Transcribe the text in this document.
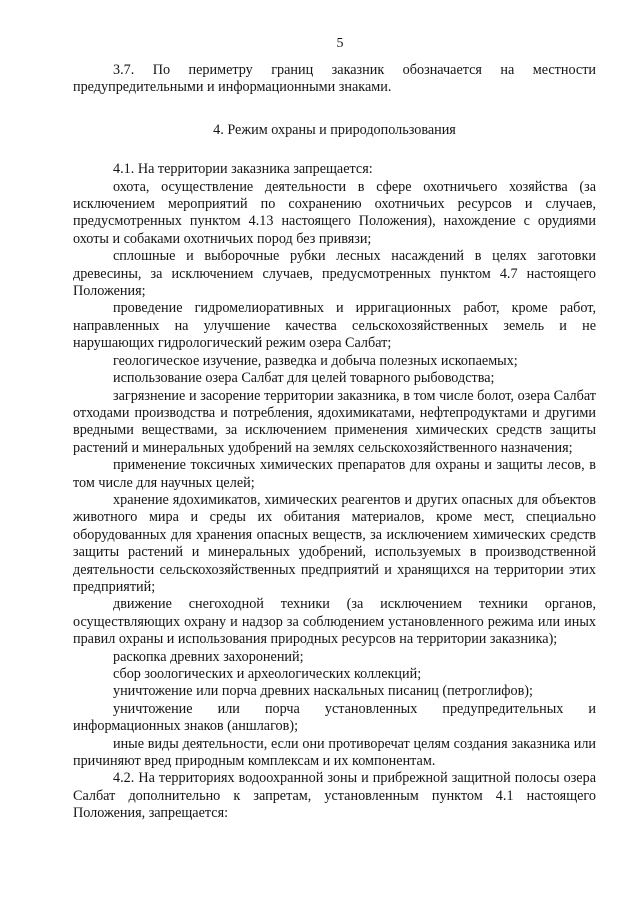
5

3.7. По периметру границ заказник обозначается на местности предупредительными и информационными знаками.

4. Режим охраны и природопользования

4.1. На территории заказника запрещается:

охота, осуществление деятельности в сфере охотничьего хозяйства (за исключением мероприятий по сохранению охотничьих ресурсов и случаев, предусмотренных пунктом 4.13 настоящего Положения), нахождение с орудиями охоты и собаками охотничьих пород без привязи;

сплошные и выборочные рубки лесных насаждений в целях заготовки древесины, за исключением случаев, предусмотренных пунктом 4.7 настоящего Положения;

проведение гидромелиоративных и ирригационных работ, кроме работ, направленных на улучшение качества сельскохозяйственных земель и не нарушающих гидрологический режим озера Салбат;

геологическое изучение, разведка и добыча полезных ископаемых;

использование озера Салбат для целей товарного рыбоводства;

загрязнение и засорение территории заказника, в том числе болот, озера Салбат отходами производства и потребления, ядохимикатами, нефтепродуктами и другими вредными веществами, за исключением применения химических средств защиты растений и минеральных удобрений на землях сельскохозяйственного назначения;

применение токсичных химических препаратов для охраны и защиты лесов, в том числе для научных целей;

хранение ядохимикатов, химических реагентов и других опасных для объектов животного мира и среды их обитания материалов, кроме мест, специально оборудованных для хранения опасных веществ, за исключением химических средств защиты растений и минеральных удобрений, используемых в производственной деятельности сельскохозяйственных предприятий и хранящихся на территории этих предприятий;

движение снегоходной техники (за исключением техники органов, осуществляющих охрану и надзор за соблюдением установленного режима или иных правил охраны и использования природных ресурсов на территории заказника);

раскопка древних захоронений;

сбор зоологических и археологических коллекций;

уничтожение или порча древних наскальных писаниц (петроглифов);

уничтожение или порча установленных предупредительных и информационных знаков (аншлагов);

иные виды деятельности, если они противоречат целям создания заказника или причиняют вред природным комплексам и их компонентам.

4.2. На территориях водоохранной зоны и прибрежной защитной полосы озера Салбат дополнительно к запретам, установленным пунктом 4.1 настоящего Положения, запрещается:
